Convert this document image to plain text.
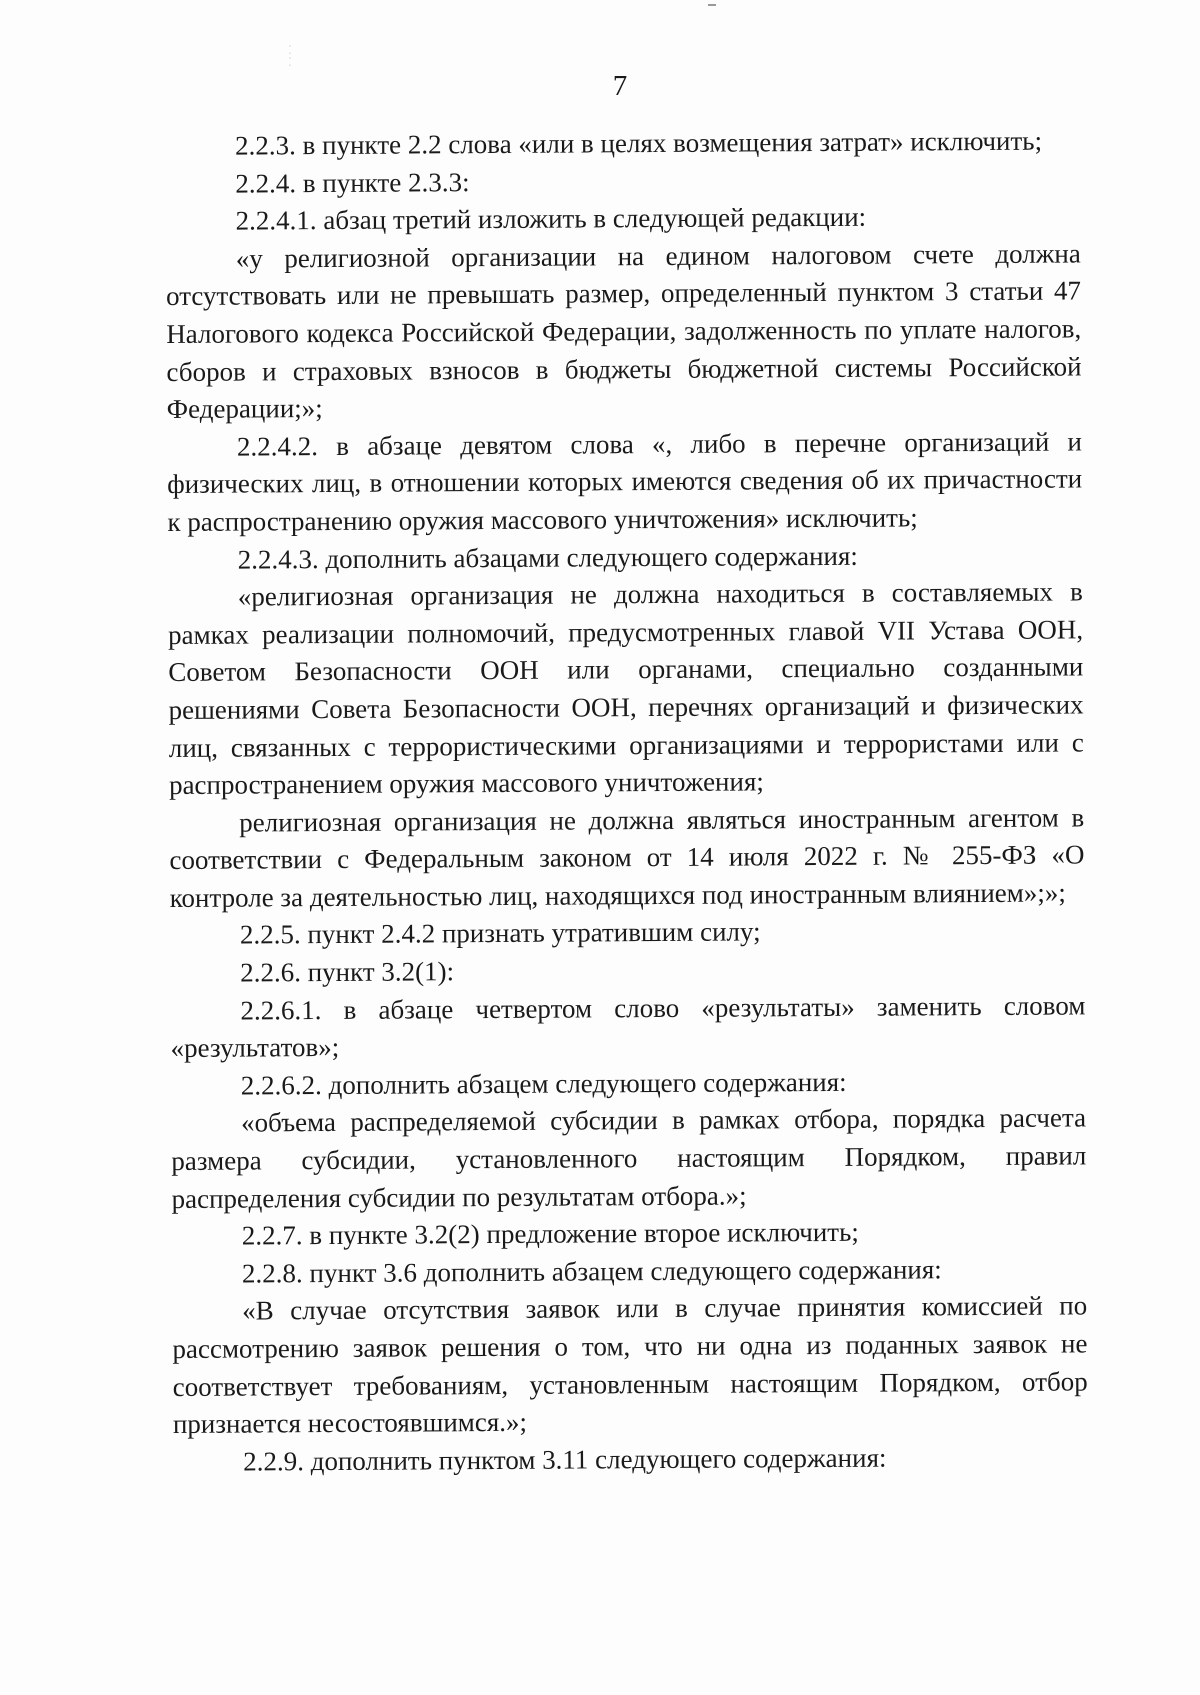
⁚
⁚
7

2.2.3. в пункте 2.2 слова «или в целях возмещения затрат» исключить;

2.2.4. в пункте 2.3.3:

2.2.4.1. абзац третий изложить в следующей редакции:

«у религиозной организации на едином налоговом счете должна отсутствовать или не превышать размер, определенный пунктом 3 статьи 47 Налогового кодекса Российской Федерации, задолженность по уплате налогов, сборов и страховых взносов в бюджеты бюджетной системы Российской Федерации;»;

2.2.4.2. в абзаце девятом слова «, либо в перечне организаций и физических лиц, в отношении которых имеются сведения об их причастности к распространению оружия массового уничтожения» исключить;

2.2.4.3. дополнить абзацами следующего содержания:

«религиозная организация не должна находиться в составляемых в рамках реализации полномочий, предусмотренных главой VII Устава ООН, Советом Безопасности ООН или органами, специально созданными решениями Совета Безопасности ООН, перечнях организаций и физических лиц, связанных с террористическими организациями и террористами или с распространением оружия массового уничтожения;

религиозная организация не должна являться иностранным агентом в соответствии с Федеральным законом от 14 июля 2022 г. № 255-ФЗ «О контроле за деятельностью лиц, находящихся под иностранным влиянием»;»;

2.2.5. пункт 2.4.2 признать утратившим силу;

2.2.6. пункт 3.2(1):

2.2.6.1. в абзаце четвертом слово «результаты» заменить словом «результатов»;

2.2.6.2. дополнить абзацем следующего содержания:

«объема распределяемой субсидии в рамках отбора, порядка расчета размера субсидии, установленного настоящим Порядком, правил распределения субсидии по результатам отбора.»;

2.2.7. в пункте 3.2(2) предложение второе исключить;

2.2.8. пункт 3.6 дополнить абзацем следующего содержания:

«В случае отсутствия заявок или в случае принятия комиссией по рассмотрению заявок решения о том, что ни одна из поданных заявок не соответствует требованиям, установленным настоящим Порядком, отбор признается несостоявшимся.»;

2.2.9. дополнить пунктом 3.11 следующего содержания:
